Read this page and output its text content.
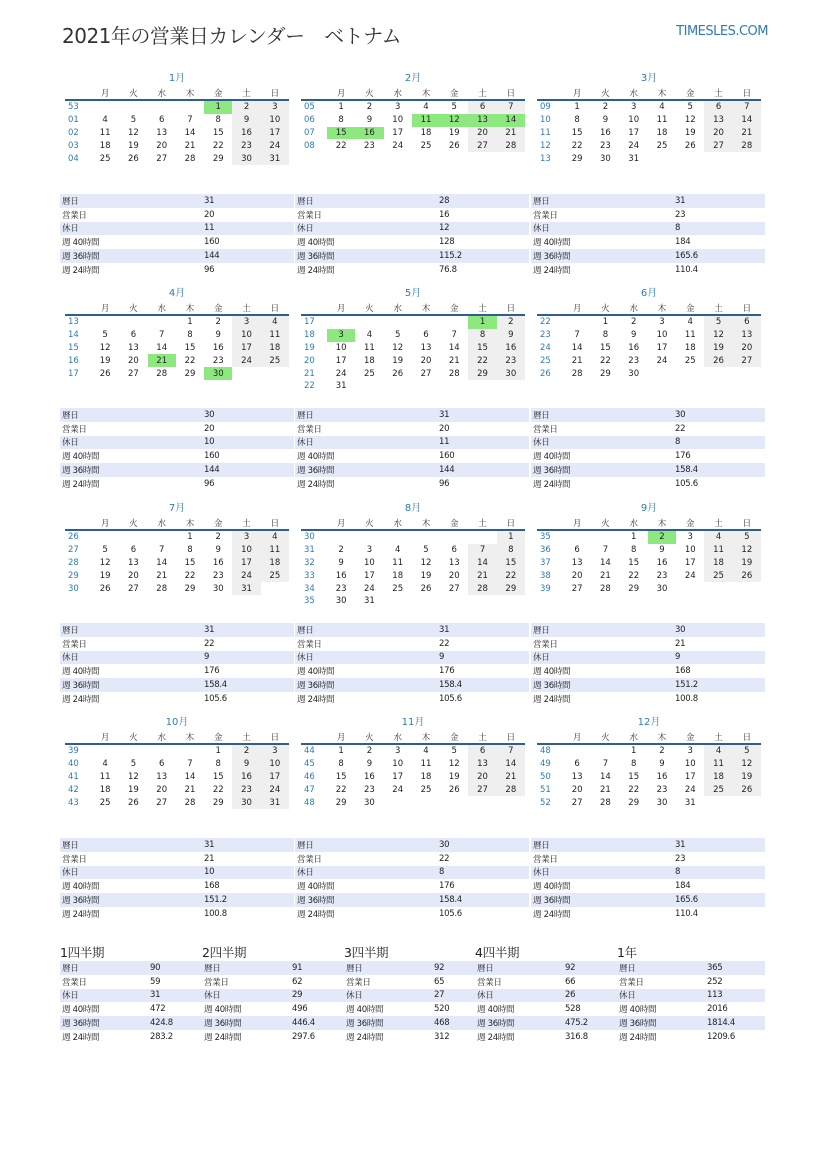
2021年の営業日カレンダー　ベトナム	TIMESLES.COM
1月
	月	火	水	木	金	土	日
53					1	2	3
01	4	5	6	7	8	9	10
02	11	12	13	14	15	16	17
03	18	19	20	21	22	23	24
04	25	26	27	28	29	30	31
暦日	31
営業日	20
休日	11
週 40時間	160
週 36時間	144
週 24時間	96
2月
	月	火	水	木	金	土	日
05	1	2	3	4	5	6	7
06	8	9	10	11	12	13	14
07	15	16	17	18	19	20	21
08	22	23	24	25	26	27	28
暦日	28
営業日	16
休日	12
週 40時間	128
週 36時間	115.2
週 24時間	76.8
3月
	月	火	水	木	金	土	日
09	1	2	3	4	5	6	7
10	8	9	10	11	12	13	14
11	15	16	17	18	19	20	21
12	22	23	24	25	26	27	28
13	29	30	31				
暦日	31
営業日	23
休日	8
週 40時間	184
週 36時間	165.6
週 24時間	110.4
4月
	月	火	水	木	金	土	日
13				1	2	3	4
14	5	6	7	8	9	10	11
15	12	13	14	15	16	17	18
16	19	20	21	22	23	24	25
17	26	27	28	29	30		
暦日	30
営業日	20
休日	10
週 40時間	160
週 36時間	144
週 24時間	96
5月
	月	火	水	木	金	土	日
17						1	2
18	3	4	5	6	7	8	9
19	10	11	12	13	14	15	16
20	17	18	19	20	21	22	23
21	24	25	26	27	28	29	30
22	31						
暦日	31
営業日	20
休日	11
週 40時間	160
週 36時間	144
週 24時間	96
6月
	月	火	水	木	金	土	日
22		1	2	3	4	5	6
23	7	8	9	10	11	12	13
24	14	15	16	17	18	19	20
25	21	22	23	24	25	26	27
26	28	29	30				
暦日	30
営業日	22
休日	8
週 40時間	176
週 36時間	158.4
週 24時間	105.6
7月
	月	火	水	木	金	土	日
26				1	2	3	4
27	5	6	7	8	9	10	11
28	12	13	14	15	16	17	18
29	19	20	21	22	23	24	25
30	26	27	28	29	30	31	
暦日	31
営業日	22
休日	9
週 40時間	176
週 36時間	158.4
週 24時間	105.6
8月
	月	火	水	木	金	土	日
30							1
31	2	3	4	5	6	7	8
32	9	10	11	12	13	14	15
33	16	17	18	19	20	21	22
34	23	24	25	26	27	28	29
35	30	31					
暦日	31
営業日	22
休日	9
週 40時間	176
週 36時間	158.4
週 24時間	105.6
9月
	月	火	水	木	金	土	日
35			1	2	3	4	5
36	6	7	8	9	10	11	12
37	13	14	15	16	17	18	19
38	20	21	22	23	24	25	26
39	27	28	29	30			
暦日	30
営業日	21
休日	9
週 40時間	168
週 36時間	151.2
週 24時間	100.8
10月
	月	火	水	木	金	土	日
39					1	2	3
40	4	5	6	7	8	9	10
41	11	12	13	14	15	16	17
42	18	19	20	21	22	23	24
43	25	26	27	28	29	30	31
暦日	31
営業日	21
休日	10
週 40時間	168
週 36時間	151.2
週 24時間	100.8
11月
	月	火	水	木	金	土	日
44	1	2	3	4	5	6	7
45	8	9	10	11	12	13	14
46	15	16	17	18	19	20	21
47	22	23	24	25	26	27	28
48	29	30					
暦日	30
営業日	22
休日	8
週 40時間	176
週 36時間	158.4
週 24時間	105.6
12月
	月	火	水	木	金	土	日
48			1	2	3	4	5
49	6	7	8	9	10	11	12
50	13	14	15	16	17	18	19
51	20	21	22	23	24	25	26
52	27	28	29	30	31		
暦日	31
営業日	23
休日	8
週 40時間	184
週 36時間	165.6
週 24時間	110.4
1四半期
暦日	90
営業日	59
休日	31
週 40時間	472
週 36時間	424.8
週 24時間	283.2
2四半期
暦日	91
営業日	62
休日	29
週 40時間	496
週 36時間	446.4
週 24時間	297.6
3四半期
暦日	92
営業日	65
休日	27
週 40時間	520
週 36時間	468
週 24時間	312
4四半期
暦日	92
営業日	66
休日	26
週 40時間	528
週 36時間	475.2
週 24時間	316.8
1年
暦日	365
営業日	252
休日	113
週 40時間	2016
週 36時間	1814.4
週 24時間	1209.6
